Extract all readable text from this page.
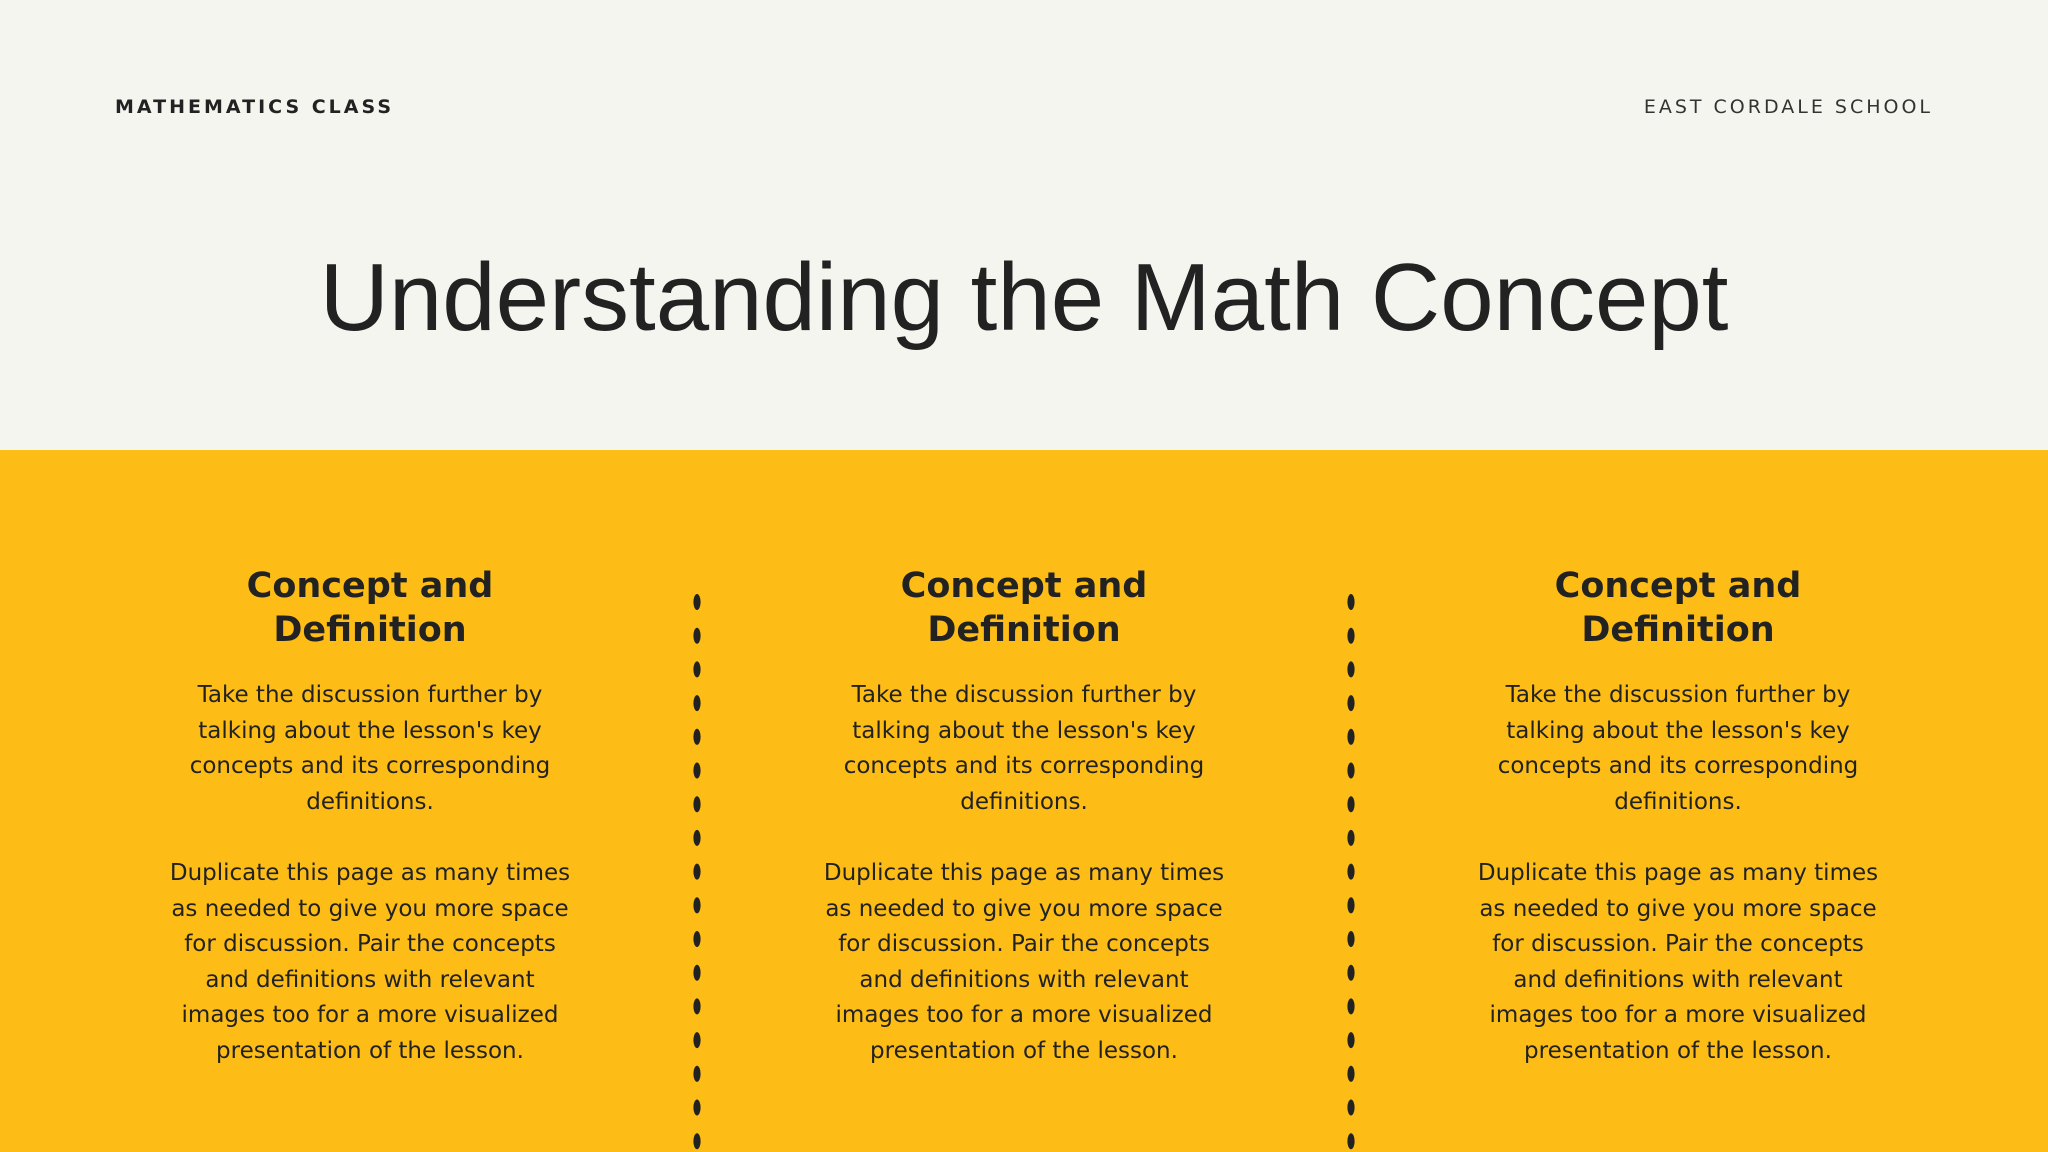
MATHEMATICS CLASS	EAST CORDALE SCHOOL
Understanding the Math Concept
Concept and Definition

Take the discussion further by talking about the lesson's key concepts and its corresponding definitions.

Duplicate this page as many times as needed to give you more space for discussion. Pair the concepts and definitions with relevant images too for a more visualized presentation of the lesson.

Concept and Definition

Take the discussion further by talking about the lesson's key concepts and its corresponding definitions.

Duplicate this page as many times as needed to give you more space for discussion. Pair the concepts and definitions with relevant images too for a more visualized presentation of the lesson.

Concept and Definition

Take the discussion further by talking about the lesson's key concepts and its corresponding definitions.

Duplicate this page as many times as needed to give you more space for discussion. Pair the concepts and definitions with relevant images too for a more visualized presentation of the lesson.
